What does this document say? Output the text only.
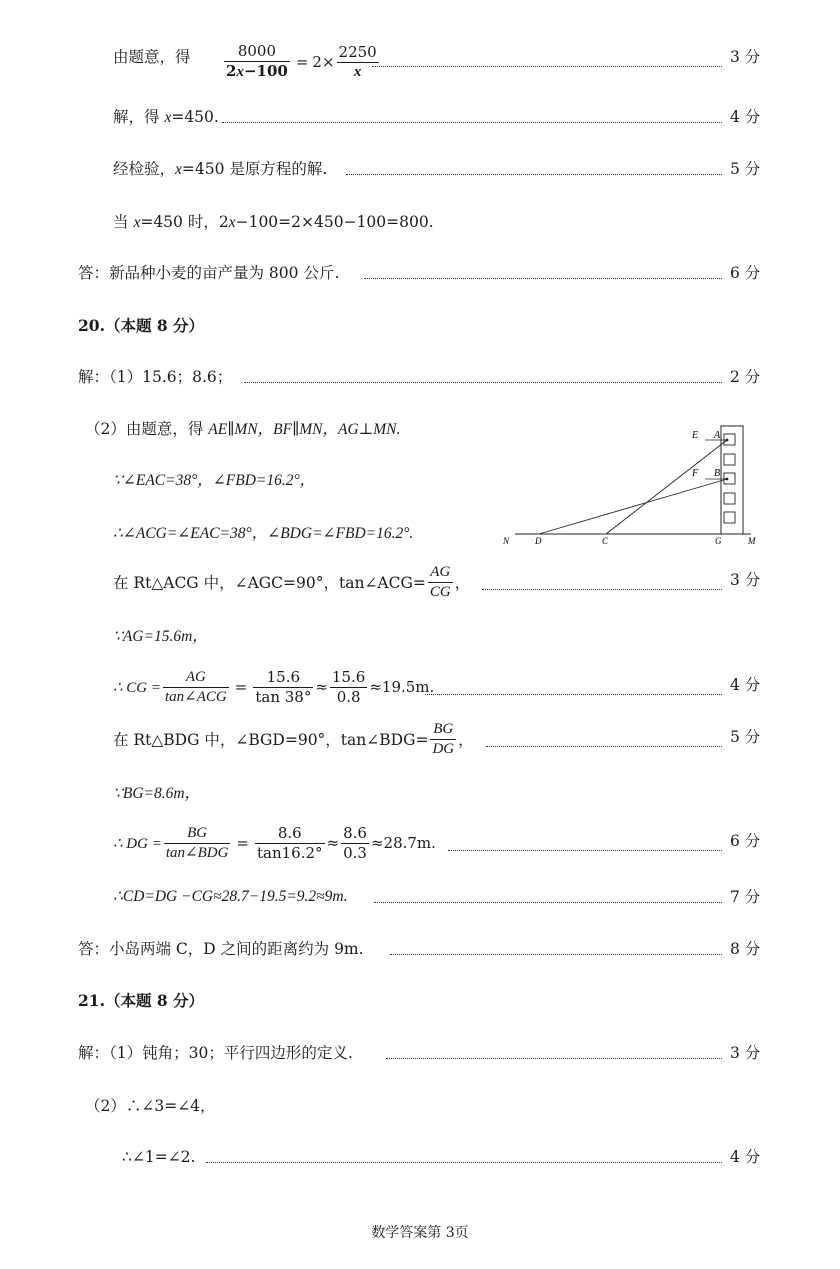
由题意，得 $\frac{8000}{2x-100} = 2\times \frac{2250}{x}$	3 分
解，得 x=450.	4 分
经检验，x=450 是原方程的解.	5 分
当 x=450 时，2x−100=2×450−100=800.
答：新品种小麦的亩产量为 800 公斤.	6 分
20.（本题 8 分）
解：（1）15.6；8.6；	2 分
（2）由题意，得 AE∥MN，BF∥MN，AG⊥MN.
∵∠EAC=38°，∠FBD=16.2°，
∴∠ACG=∠EAC=38°，∠BDG=∠FBD=16.2°.
在 Rt△ACG 中，∠AGC=90°，tan∠ACG= $\frac{AG}{CG}$ ，	3 分
∵AG=15.6m，
∴ CG = $\frac{AG}{\text{tan∠ACG}} = \frac{15.6}{\tan 38^\circ} \approx \frac{15.6}{0.8} \approx 19.5m$.	4 分
在 Rt△BDG 中，∠BGD=90°，tan∠BDG= $\frac{BG}{DG}$ ，	5 分
∵BG=8.6m，
∴ DG = $\frac{BG}{\text{tan∠BDG}} = \frac{8.6}{\tan 16.2^\circ} \approx \frac{8.6}{0.3} \approx 28.7m$.	6 分
∴CD=DG −CG≈28.7−19.5=9.2≈9m.	7 分
答：小岛两端 C，D 之间的距离约为 9m.	8 分
21.（本题 8 分）
解：（1）钝角；30；平行四边形的定义.	3 分
（2）∴∠3=∠4，
∴∠1=∠2.	4 分
E A
F B
N	D	C	G	M
数学答案第 3页
